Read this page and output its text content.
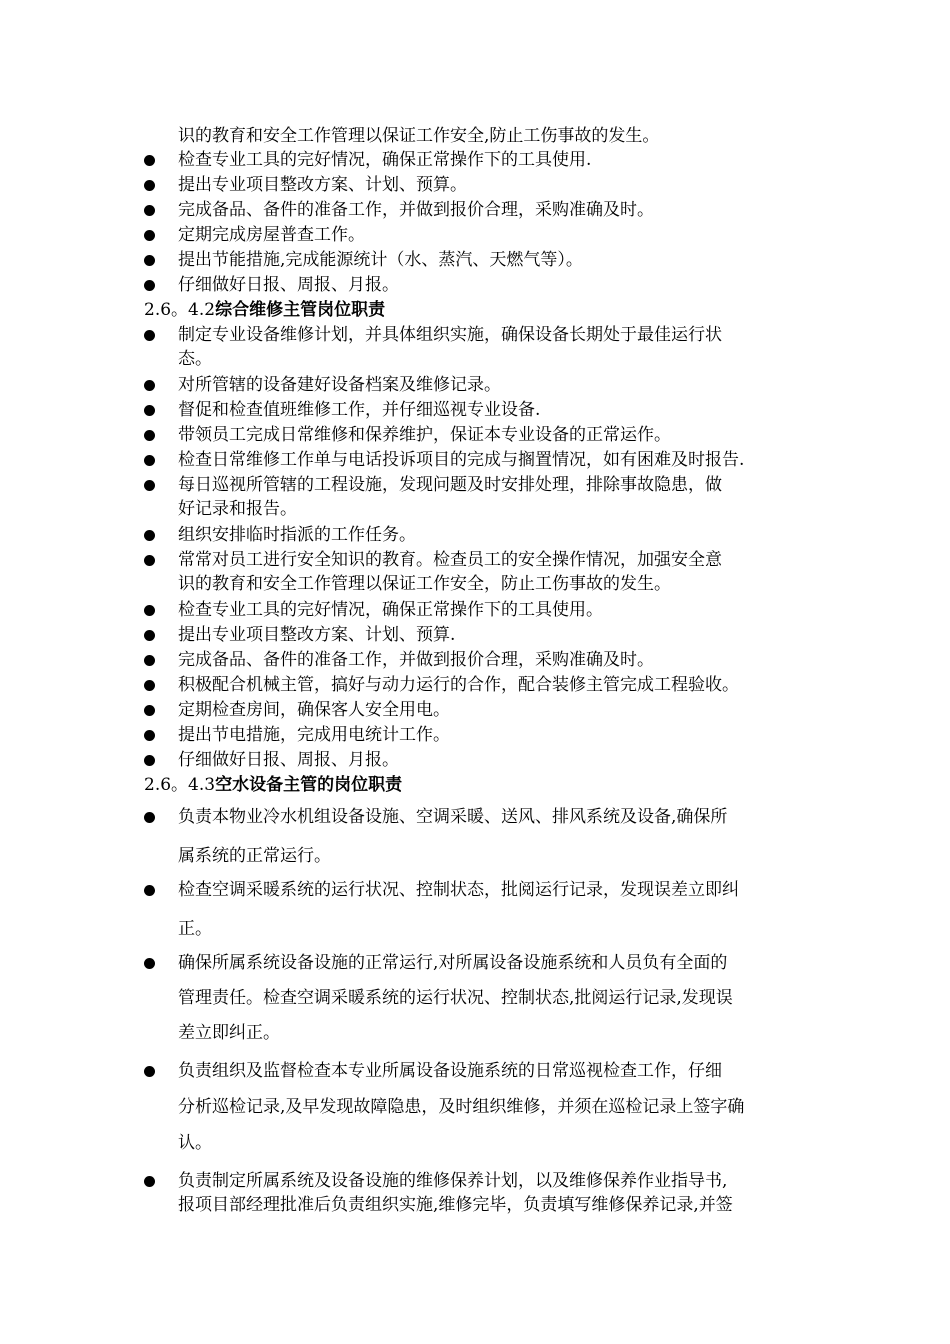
识的教育和安全工作管理以保证工作安全,防止工伤事故的发生。
检查专业工具的完好情况，确保正常操作下的工具使用.
提出专业项目整改方案、计划、预算。
完成备品、备件的准备工作，并做到报价合理，采购准确及时。
定期完成房屋普查工作。
提出节能措施,完成能源统计（水、蒸汽、天燃气等）。
仔细做好日报、周报、月报。
2.6。4.2综合维修主管岗位职责
制定专业设备维修计划，并具体组织实施，确保设备长期处于最佳运行状
态。
对所管辖的设备建好设备档案及维修记录。
督促和检查值班维修工作，并仔细巡视专业设备.
带领员工完成日常维修和保养维护，保证本专业设备的正常运作。
检查日常维修工作单与电话投诉项目的完成与搁置情况，如有困难及时报告.
每日巡视所管辖的工程设施，发现问题及时安排处理，排除事故隐患，做
好记录和报告。
组织安排临时指派的工作任务。
常常对员工进行安全知识的教育。检查员工的安全操作情况，加强安全意
识的教育和安全工作管理以保证工作安全，防止工伤事故的发生。
检查专业工具的完好情况，确保正常操作下的工具使用。
提出专业项目整改方案、计划、预算.
完成备品、备件的准备工作，并做到报价合理，采购准确及时。
积极配合机械主管，搞好与动力运行的合作，配合装修主管完成工程验收。
定期检查房间，确保客人安全用电。
提出节电措施，完成用电统计工作。
仔细做好日报、周报、月报。
2.6。4.3空水设备主管的岗位职责
负责本物业冷水机组设备设施、空调采暖、送风、排风系统及设备,确保所
属系统的正常运行。
检查空调采暖系统的运行状况、控制状态，批阅运行记录，发现误差立即纠
正。
确保所属系统设备设施的正常运行,对所属设备设施系统和人员负有全面的
管理责任。检查空调采暖系统的运行状况、控制状态,批阅运行记录,发现误
差立即纠正。
负责组织及监督检查本专业所属设备设施系统的日常巡视检查工作，仔细
分析巡检记录,及早发现故障隐患，及时组织维修，并须在巡检记录上签字确
认。
负责制定所属系统及设备设施的维修保养计划，以及维修保养作业指导书,
报项目部经理批准后负责组织实施,维修完毕，负责填写维修保养记录,并签
